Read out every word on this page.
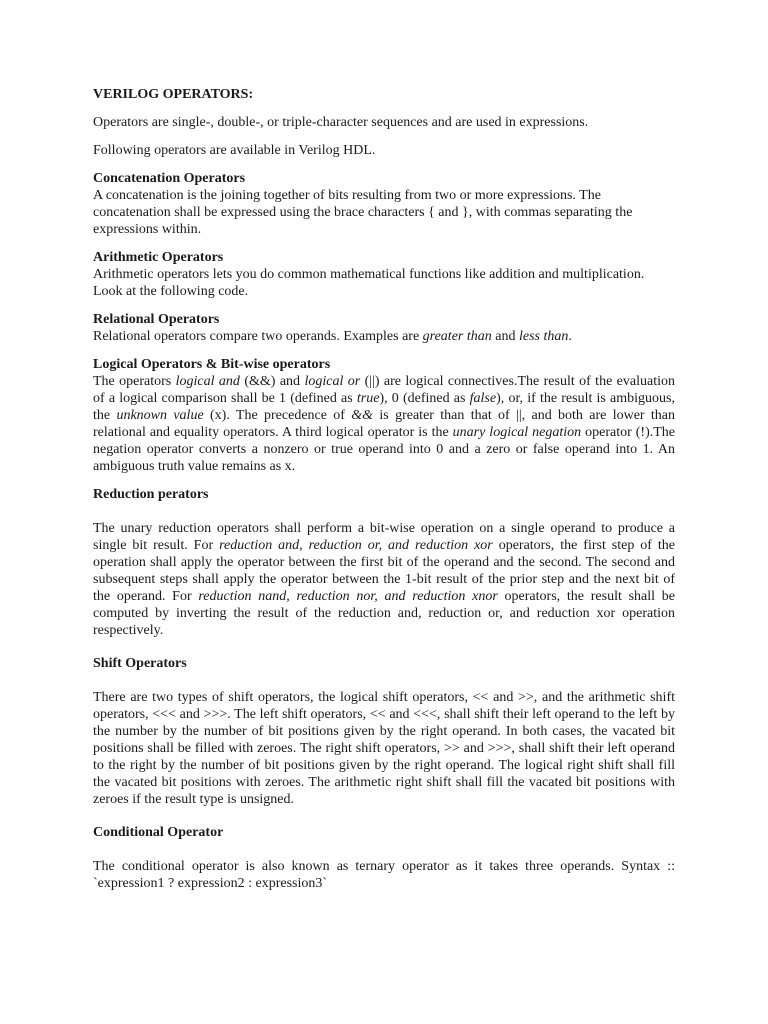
VERILOG OPERATORS:

Operators are single-, double-, or triple-character sequences and are used in expressions.

Following operators are available in Verilog HDL.

Concatenation Operators

A concatenation is the joining together of bits resulting from two or more expressions. The concatenation shall be expressed using the brace characters { and }, with commas separating the expressions within.

Arithmetic Operators

Arithmetic operators lets you do common mathematical functions like addition and multiplication. Look at the following code.

Relational Operators

Relational operators compare two operands. Examples are greater than and less than.

Logical Operators & Bit-wise operators

The operators logical and (&&) and logical or (||) are logical connectives.The result of the evaluation of a logical comparison shall be 1 (defined as true), 0 (defined as false), or, if the result is ambiguous, the unknown value (x). The precedence of && is greater than that of ||, and both are lower than relational and equality operators. A third logical operator is the unary logical negation operator (!).The negation operator converts a nonzero or true operand into 0 and a zero or false operand into 1. An ambiguous truth value remains as x.

Reduction perators

The unary reduction operators shall perform a bit-wise operation on a single operand to produce a single bit result. For reduction and, reduction or, and reduction xor operators, the first step of the operation shall apply the operator between the first bit of the operand and the second. The second and subsequent steps shall apply the operator between the 1-bit result of the prior step and the next bit of the operand. For reduction nand, reduction nor, and reduction xnor operators, the result shall be computed by inverting the result of the reduction and, reduction or, and reduction xor operation respectively.

Shift Operators

There are two types of shift operators, the logical shift operators, << and >>, and the arithmetic shift operators, <<< and >>>. The left shift operators, << and <<<, shall shift their left operand to the left by the number by the number of bit positions given by the right operand. In both cases, the vacated bit positions shall be filled with zeroes. The right shift operators, >> and >>>, shall shift their left operand to the right by the number of bit positions given by the right operand. The logical right shift shall fill the vacated bit positions with zeroes. The arithmetic right shift shall fill the vacated bit positions with zeroes if the result type is unsigned.

Conditional Operator

The conditional operator is also known as ternary operator as it takes three operands. Syntax :: `expression1 ? expression2 : expression3`
